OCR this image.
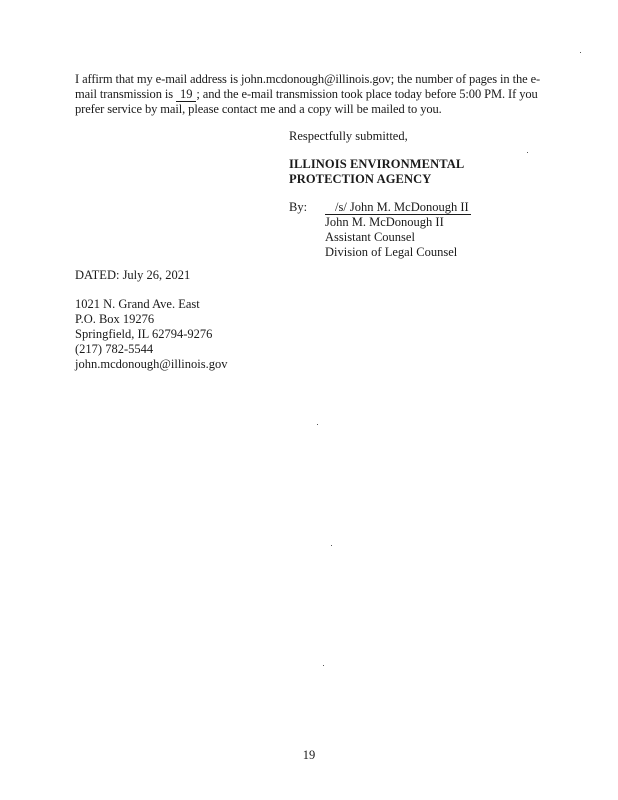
I affirm that my e-mail address is john.mcdonough@illinois.gov; the number of pages in the e-
mail transmission is 19 ; and the e-mail transmission took place today before 5:00 PM. If you
prefer service by mail, please contact me and a copy will be mailed to you.

Respectfully submitted,
ILLINOIS ENVIRONMENTAL
PROTECTION AGENCY
By:	/s/ John M. McDonough II
John M. McDonough II
Assistant Counsel
Division of Legal Counsel
DATED: July 26, 2021
1021 N. Grand Ave. East
P.O. Box 19276
Springfield, IL 62794-9276
(217) 782-5544
john.mcdonough@illinois.gov
19
